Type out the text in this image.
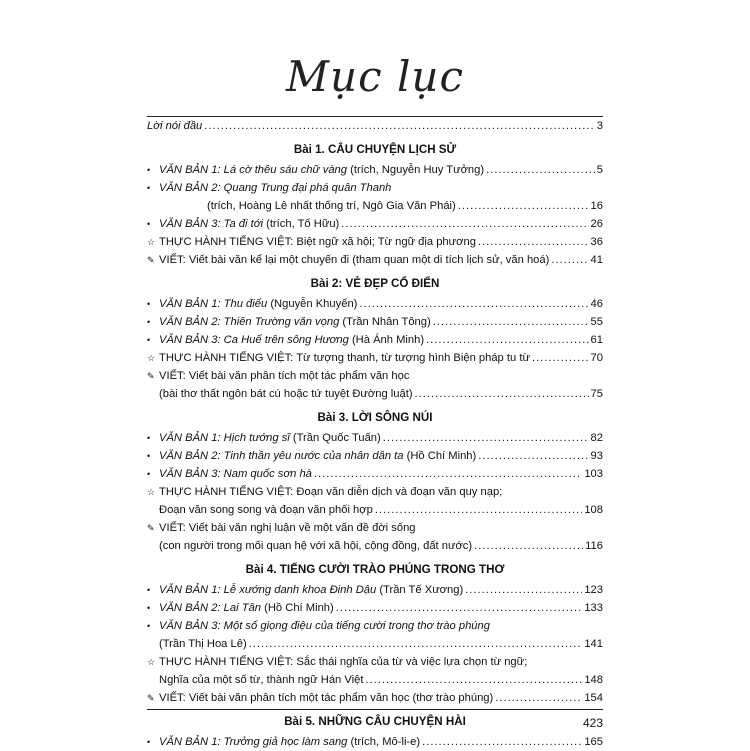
Mục lục
Lời nói đầu .....	3
Bài 1. CÂU CHUYỆN LỊCH SỬ
• VĂN BẢN 1: Lá cờ thêu sáu chữ vàng (trích, Nguyễn Huy Tưởng) .....	5
• VĂN BẢN 2: Quang Trung đại phá quân Thanh
(trích, Hoàng Lê nhất thống trí, Ngô Gia Văn Phái) .....	16
• VĂN BẢN 3: Ta đi tới (trích, Tố Hữu) .....	26
☆ THỰC HÀNH TIẾNG VIỆT: Biệt ngữ xã hội; Từ ngữ địa phương .....	36
✎ VIẾT: Viết bài văn kể lại một chuyến đi (tham quan một di tích lịch sử, văn hoá) .....	41
Bài 2: VẺ ĐẸP CỔ ĐIỂN
• VĂN BẢN 1: Thu điếu (Nguyễn Khuyến) .....	46
• VĂN BẢN 2: Thiên Trường văn vọng (Trần Nhân Tông) .....	55
• VĂN BẢN 3: Ca Huế trên sông Hương (Hà Ánh Minh) .....	61
☆ THỰC HÀNH TIẾNG VIỆT: Từ tượng thanh, từ tượng hình Biện pháp tu từ .....	70
✎ VIẾT: Viết bài văn phân tích một tác phẩm văn học
(bài thơ thất ngôn bát cú hoặc tứ tuyệt Đường luật) .....	75
Bài 3. LỜI SÔNG NÚI
• VĂN BẢN 1: Hịch tướng sĩ (Trần Quốc Tuấn) .....	82
• VĂN BẢN 2: Tinh thần yêu nước của nhân dân ta (Hồ Chí Minh) .....	93
• VĂN BẢN 3: Nam quốc sơn hà .....	103
☆ THỰC HÀNH TIẾNG VIỆT: Đoạn văn diễn dịch và đoạn văn quy nạp;
Đoạn văn song song và đoạn văn phối hợp .....	108
✎ VIẾT: Viết bài văn nghị luận về một vấn đề đời sống
(con người trong mối quan hệ với xã hội, cộng đồng, đất nước) .....	116
Bài 4. TIẾNG CƯỜI TRÀO PHÚNG TRONG THƠ
• VĂN BẢN 1: Lễ xướng danh khoa Đinh Dậu (Trần Tế Xương) .....	123
• VĂN BẢN 2: Lai Tân (Hồ Chí Minh) .....	133
• VĂN BẢN 3: Một số giọng điệu của tiếng cười trong thơ trào phúng
(Trần Thị Hoa Lê) .....	141
☆ THỰC HÀNH TIẾNG VIỆT: Sắc thái nghĩa của từ và việc lựa chọn từ ngữ;
Nghĩa của một số từ, thành ngữ Hán Việt .....	148
✎ VIẾT: Viết bài văn phân tích một tác phẩm văn học (thơ trào phúng) .....	154
Bài 5. NHỮNG CÂU CHUYỆN HÀI
• VĂN BẢN 1: Trưởng giả học làm sang (trích, Mô-li-e) .....	165
423
